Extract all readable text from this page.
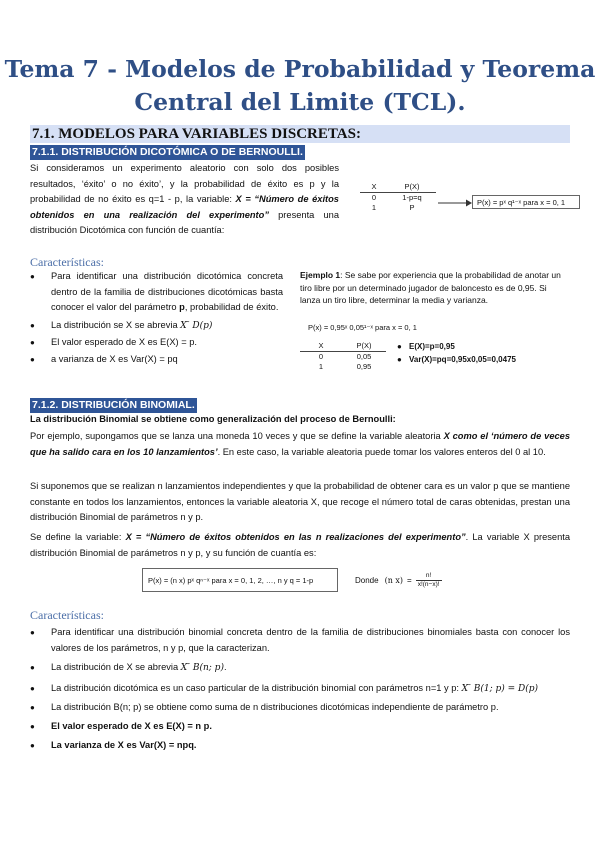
Tema 7 - Modelos de Probabilidad y Teorema
Central del Limite (TCL).
7.1. MODELOS PARA VARIABLES DISCRETAS:
7.1.1. DISTRIBUCIÓN DICOTÓMICA O DE BERNOULLI.
Si consideramos un experimento aleatorio con solo dos posibles resultados, ‘éxito’ o no éxito’, y la probabilidad de éxito es p y la probabilidad de no éxito es q=1 - p, la variable: X = “Número de éxitos obtenidos en una realización del experimento” presenta una distribución Dicotómica con función de cuantía:
X	P(X)
0	1-p=q
1	P
P(x) = pˣ q¹⁻ˣ para x = 0, 1
Características:
● Para identificar una distribución dicotómica concreta dentro de la familia de distribuciones dicotómicas basta conocer el valor del parámetro p, probabilidad de éxito.
● La distribución se X se abrevia X ̃ D(p)
● El valor esperado de X es E(X) = p.
● a varianza de X es Var(X) = pq
Ejemplo 1: Se sabe por experiencia que la probabilidad de anotar un tiro libre por un determinado jugador de baloncesto es de 0,95. Si lanza un tiro libre, determinar la media y varianza.
P(x) = 0,95ˣ 0,05¹⁻ˣ para x = 0, 1
X	P(X)
0	0,05
1	0,95
● E(X)=p=0,95
● Var(X)=pq=0,95x0,05=0,0475
7.1.2. DISTRIBUCIÓN BINOMIAL.
La distribución Binomial se obtiene como generalización del proceso de Bernoulli:
Por ejemplo, supongamos que se lanza una moneda 10 veces y que se define la variable aleatoria X como el ‘número de veces que ha salido cara en los 10 lanzamientos’. En este caso, la variable aleatoria puede tomar los valores enteros del 0 al 10.
Si suponemos que se realizan n lanzamientos independientes y que la probabilidad de obtener cara es un valor p que se mantiene constante en todos los lanzamientos, entonces la variable aleatoria X, que recoge el número total de caras obtenidas, prestan una distribución Binomial de parámetros n y p.
Se define la variable: X = “Número de éxitos obtenidos en las n realizaciones del experimento”. La variable X presenta distribución Binomial de parámetros n y p, y su función de cuantía es:
P(x) = (n x) pˣ qⁿ⁻ˣ para x = 0, 1, 2, …, n y q = 1-p	Donde (n $x) = \frac{n!}{x!(n-x)!}$
Características:
● Para identificar una distribución binomial concreta dentro de la familia de distribuciones binomiales basta con conocer los valores de los parámetros, n y p, que la caracterizan.
● La distribución de X se abrevia X ̃ B(n; p).
● La distribución dicotómica es un caso particular de la distribución binomial con parámetros n=1 y p: X ̃ B(1; p) = D(p)
● La distribución B(n; p) se obtiene como suma de n distribuciones dicotómicas independiente de parámetro p.
● El valor esperado de X es E(X) = n p.
● La varianza de X es Var(X) = npq.
